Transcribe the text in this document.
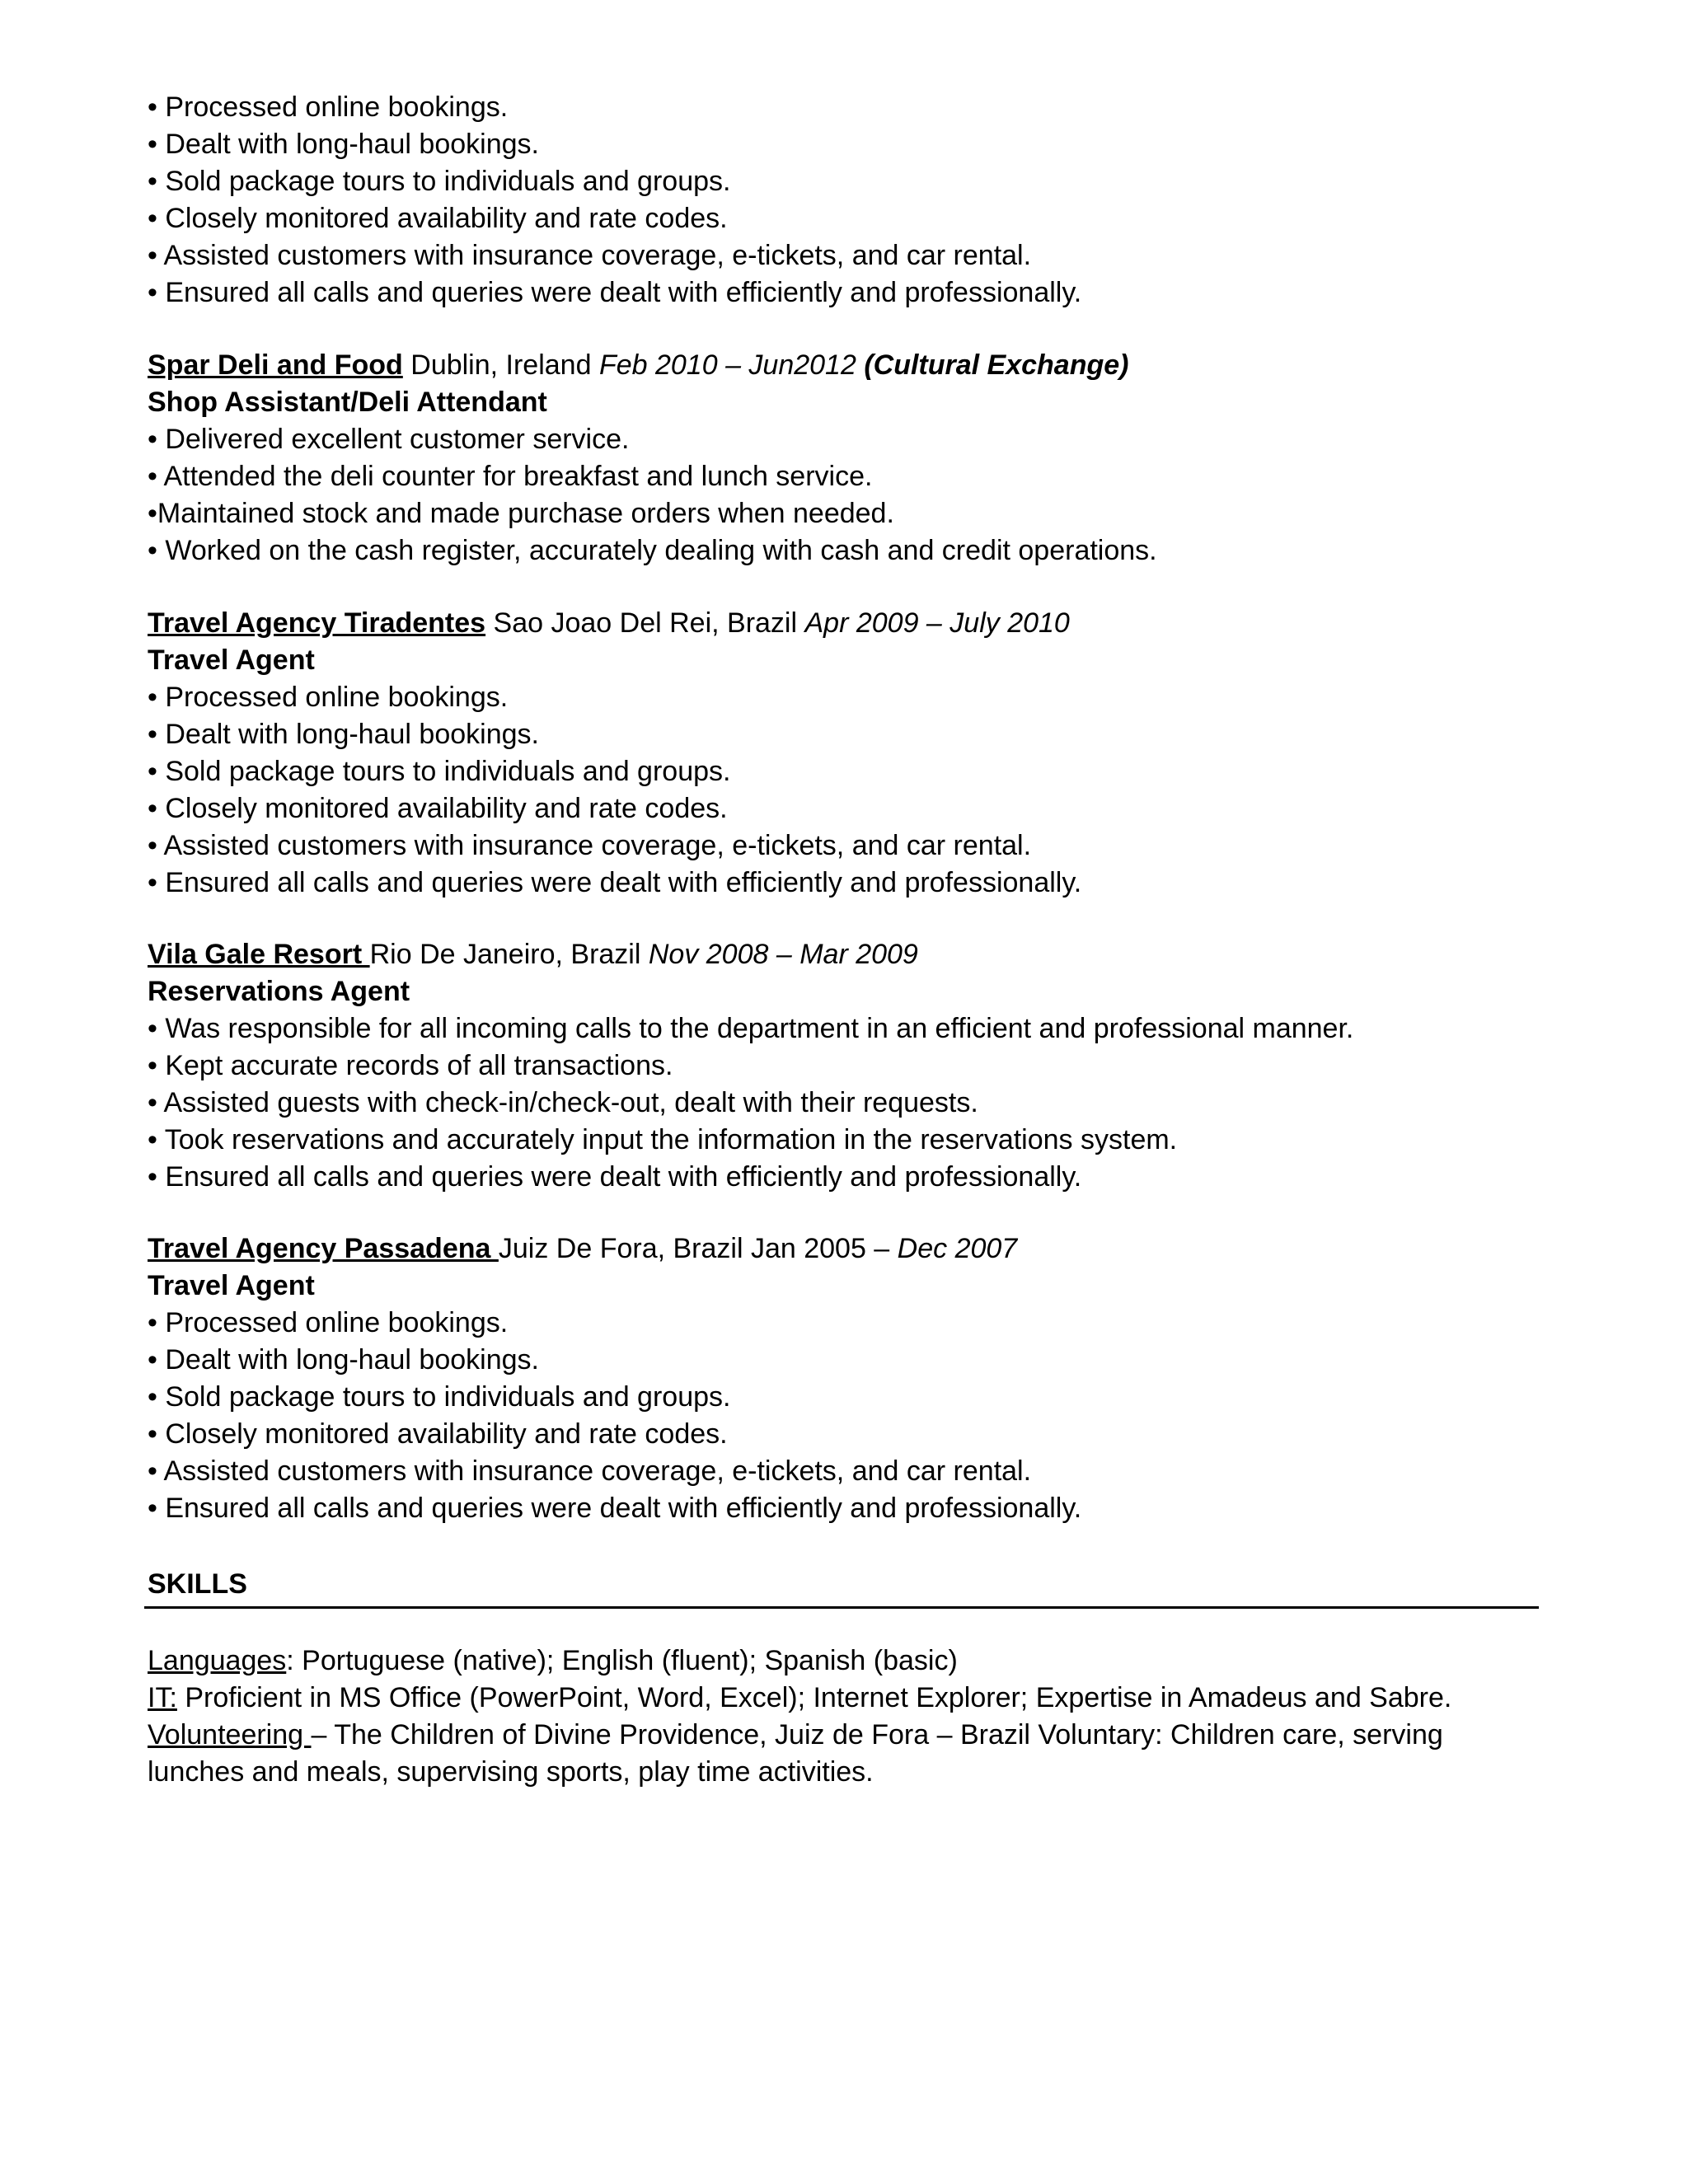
• Processed online bookings.
• Dealt with long-haul bookings.
• Sold package tours to individuals and groups.
• Closely monitored availability and rate codes.
• Assisted customers with insurance coverage, e-tickets, and car rental.
• Ensured all calls and queries were dealt with efficiently and professionally.
Spar Deli and Food Dublin, Ireland Feb 2010 – Jun2012 (Cultural Exchange)
Shop Assistant/Deli Attendant
• Delivered excellent customer service.
• Attended the deli counter for breakfast and lunch service.
•Maintained stock and made purchase orders when needed.
• Worked on the cash register, accurately dealing with cash and credit operations.
Travel Agency Tiradentes Sao Joao Del Rei, Brazil Apr 2009 – July 2010
Travel Agent
• Processed online bookings.
• Dealt with long-haul bookings.
• Sold package tours to individuals and groups.
• Closely monitored availability and rate codes.
• Assisted customers with insurance coverage, e-tickets, and car rental.
• Ensured all calls and queries were dealt with efficiently and professionally.
Vila Gale Resort Rio De Janeiro, Brazil Nov 2008 – Mar 2009
Reservations Agent
• Was responsible for all incoming calls to the department in an efficient and professional manner.
• Kept accurate records of all transactions.
• Assisted guests with check-in/check-out, dealt with their requests.
• Took reservations and accurately input the information in the reservations system.
• Ensured all calls and queries were dealt with efficiently and professionally.
Travel Agency Passadena Juiz De Fora, Brazil Jan 2005 – Dec 2007
Travel Agent
• Processed online bookings.
• Dealt with long-haul bookings.
• Sold package tours to individuals and groups.
• Closely monitored availability and rate codes.
• Assisted customers with insurance coverage, e-tickets, and car rental.
• Ensured all calls and queries were dealt with efficiently and professionally.
SKILLS
Languages: Portuguese (native); English (fluent); Spanish (basic)
IT: Proficient in MS Office (PowerPoint, Word, Excel); Internet Explorer; Expertise in Amadeus and Sabre.
Volunteering – The Children of Divine Providence, Juiz de Fora – Brazil Voluntary: Children care, serving lunches and meals, supervising sports, play time activities.
